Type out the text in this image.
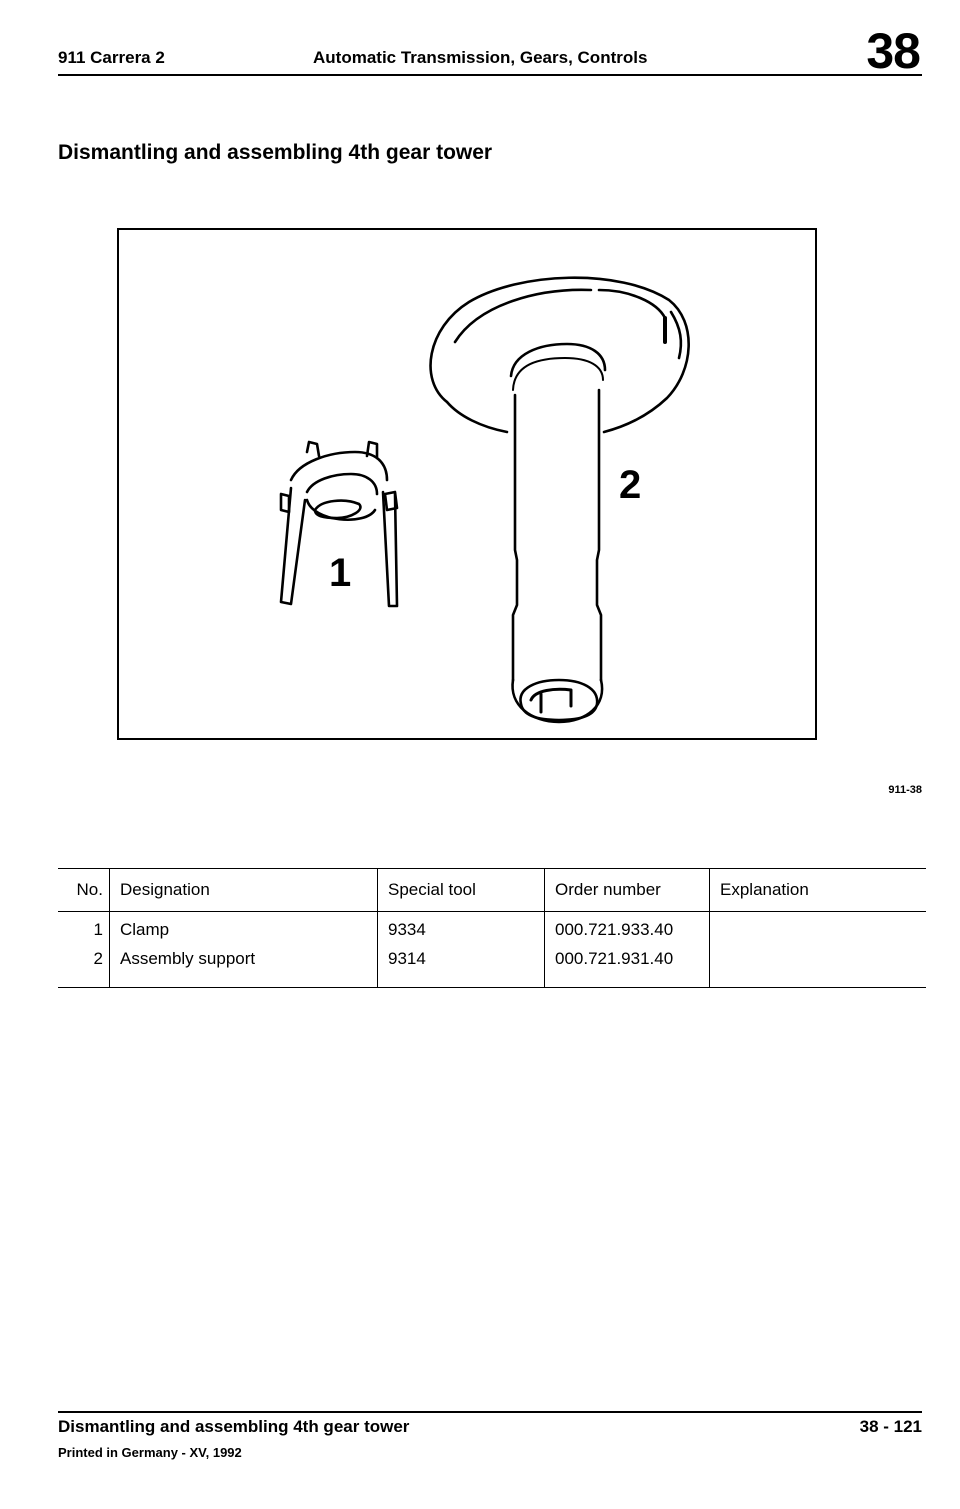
911 Carrera 2	Automatic Transmission, Gears, Controls	38
Dismantling and assembling 4th gear tower
1
2
911-38
No.	Designation	Special tool	Order number	Explanation
1	Clamp	9334	000.721.933.40	
2	Assembly support	9314	000.721.931.40	
Dismantling and assembling 4th gear tower	38 - 121
Printed in Germany - XV, 1992
